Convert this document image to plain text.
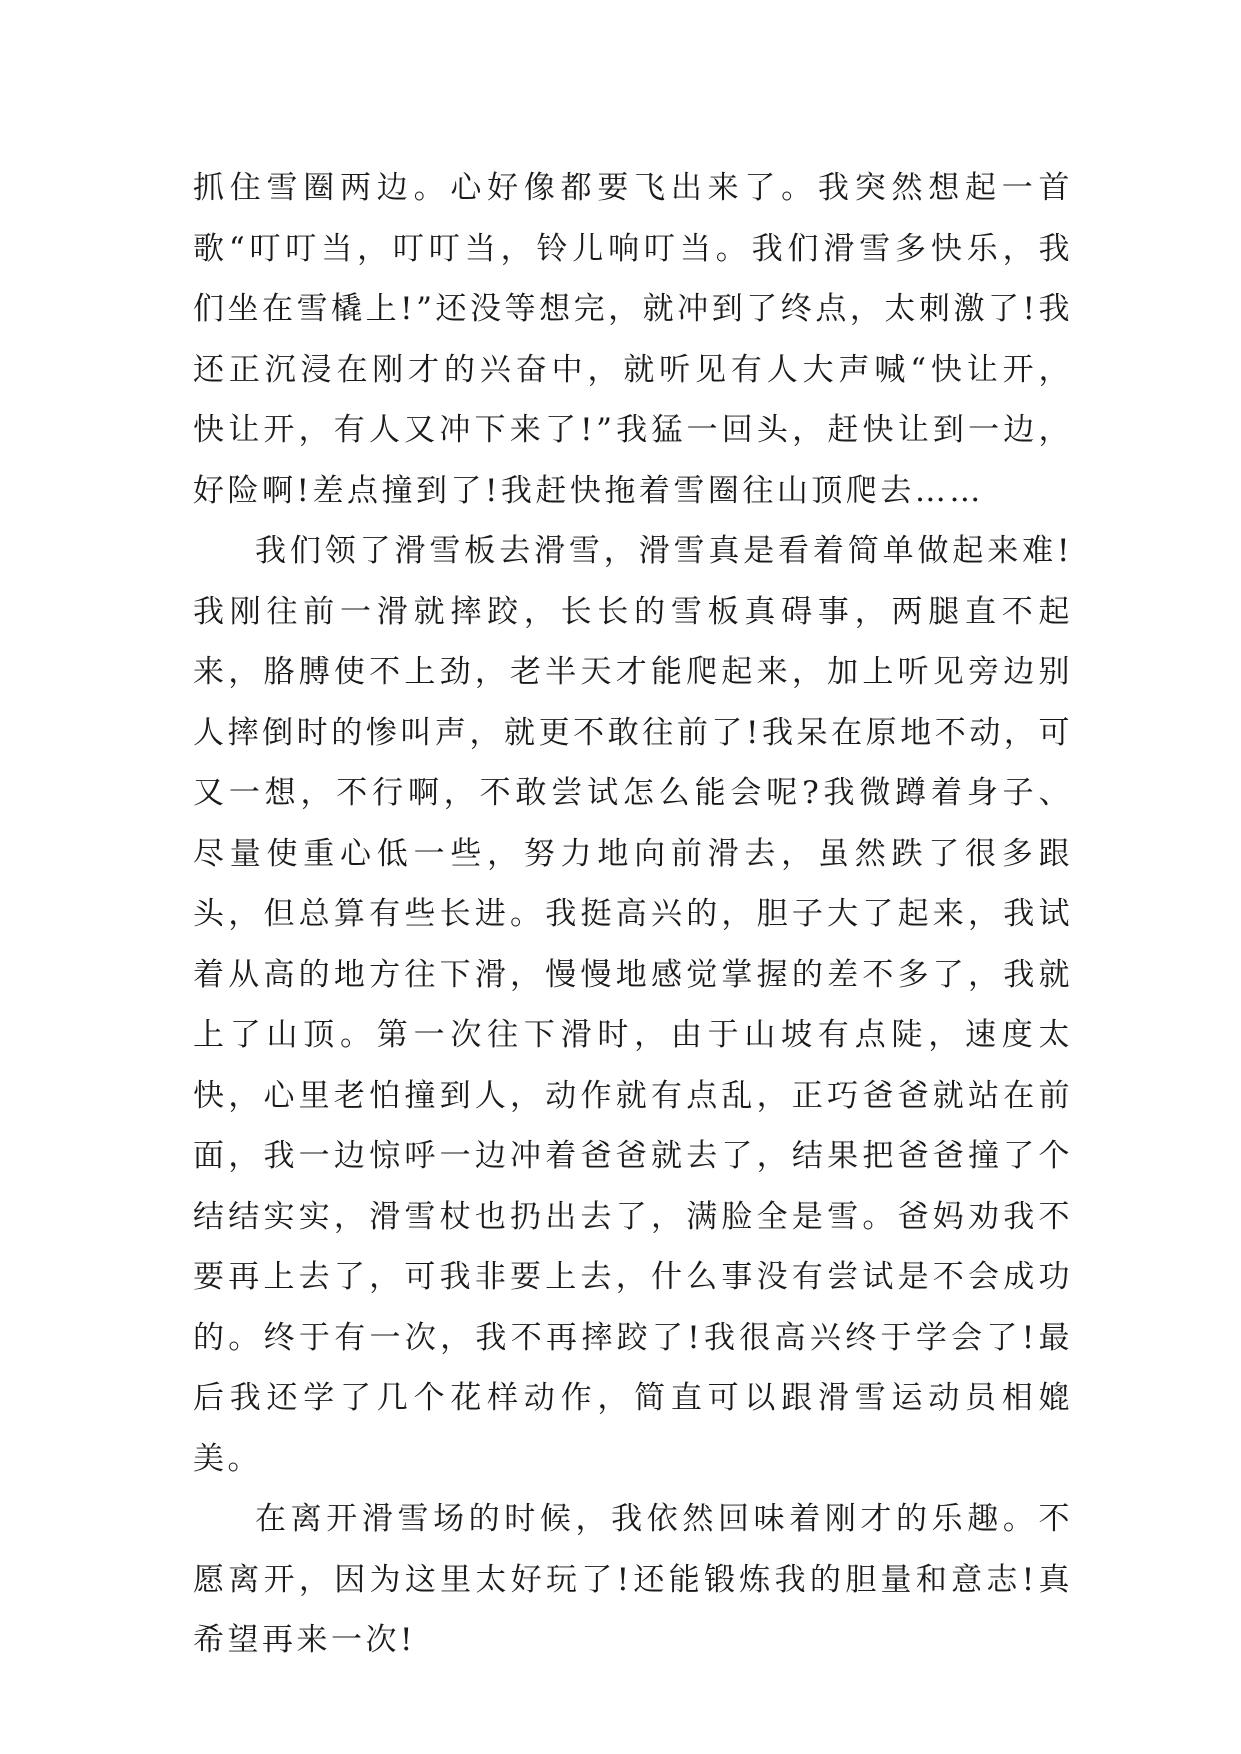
抓住雪圈两边。心好像都要飞出来了。我突然想起一首歌“叮叮当，叮叮当，铃儿响叮当。我们滑雪多快乐，我们坐在雪橇上!”还没等想完，就冲到了终点，太刺激了!我还正沉浸在刚才的兴奋中，就听见有人大声喊“快让开，快让开，有人又冲下来了!”我猛一回头，赶快让到一边，好险啊!差点撞到了!我赶快拖着雪圈往山顶爬去……

我们领了滑雪板去滑雪，滑雪真是看着简单做起来难!我刚往前一滑就摔跤，长长的雪板真碍事，两腿直不起来，胳膊使不上劲，老半天才能爬起来，加上听见旁边别人摔倒时的惨叫声，就更不敢往前了!我呆在原地不动，可又一想，不行啊，不敢尝试怎么能会呢?我微蹲着身子、尽量使重心低一些，努力地向前滑去，虽然跌了很多跟头，但总算有些长进。我挺高兴的，胆子大了起来，我试着从高的地方往下滑，慢慢地感觉掌握的差不多了，我就上了山顶。第一次往下滑时，由于山坡有点陡，速度太快，心里老怕撞到人，动作就有点乱，正巧爸爸就站在前面，我一边惊呼一边冲着爸爸就去了，结果把爸爸撞了个结结实实，滑雪杖也扔出去了，满脸全是雪。爸妈劝我不要再上去了，可我非要上去，什么事没有尝试是不会成功的。终于有一次，我不再摔跤了!我很高兴终于学会了!最后我还学了几个花样动作，简直可以跟滑雪运动员相媲美。

在离开滑雪场的时候，我依然回味着刚才的乐趣。不愿离开，因为这里太好玩了!还能锻炼我的胆量和意志!真希望再来一次!
